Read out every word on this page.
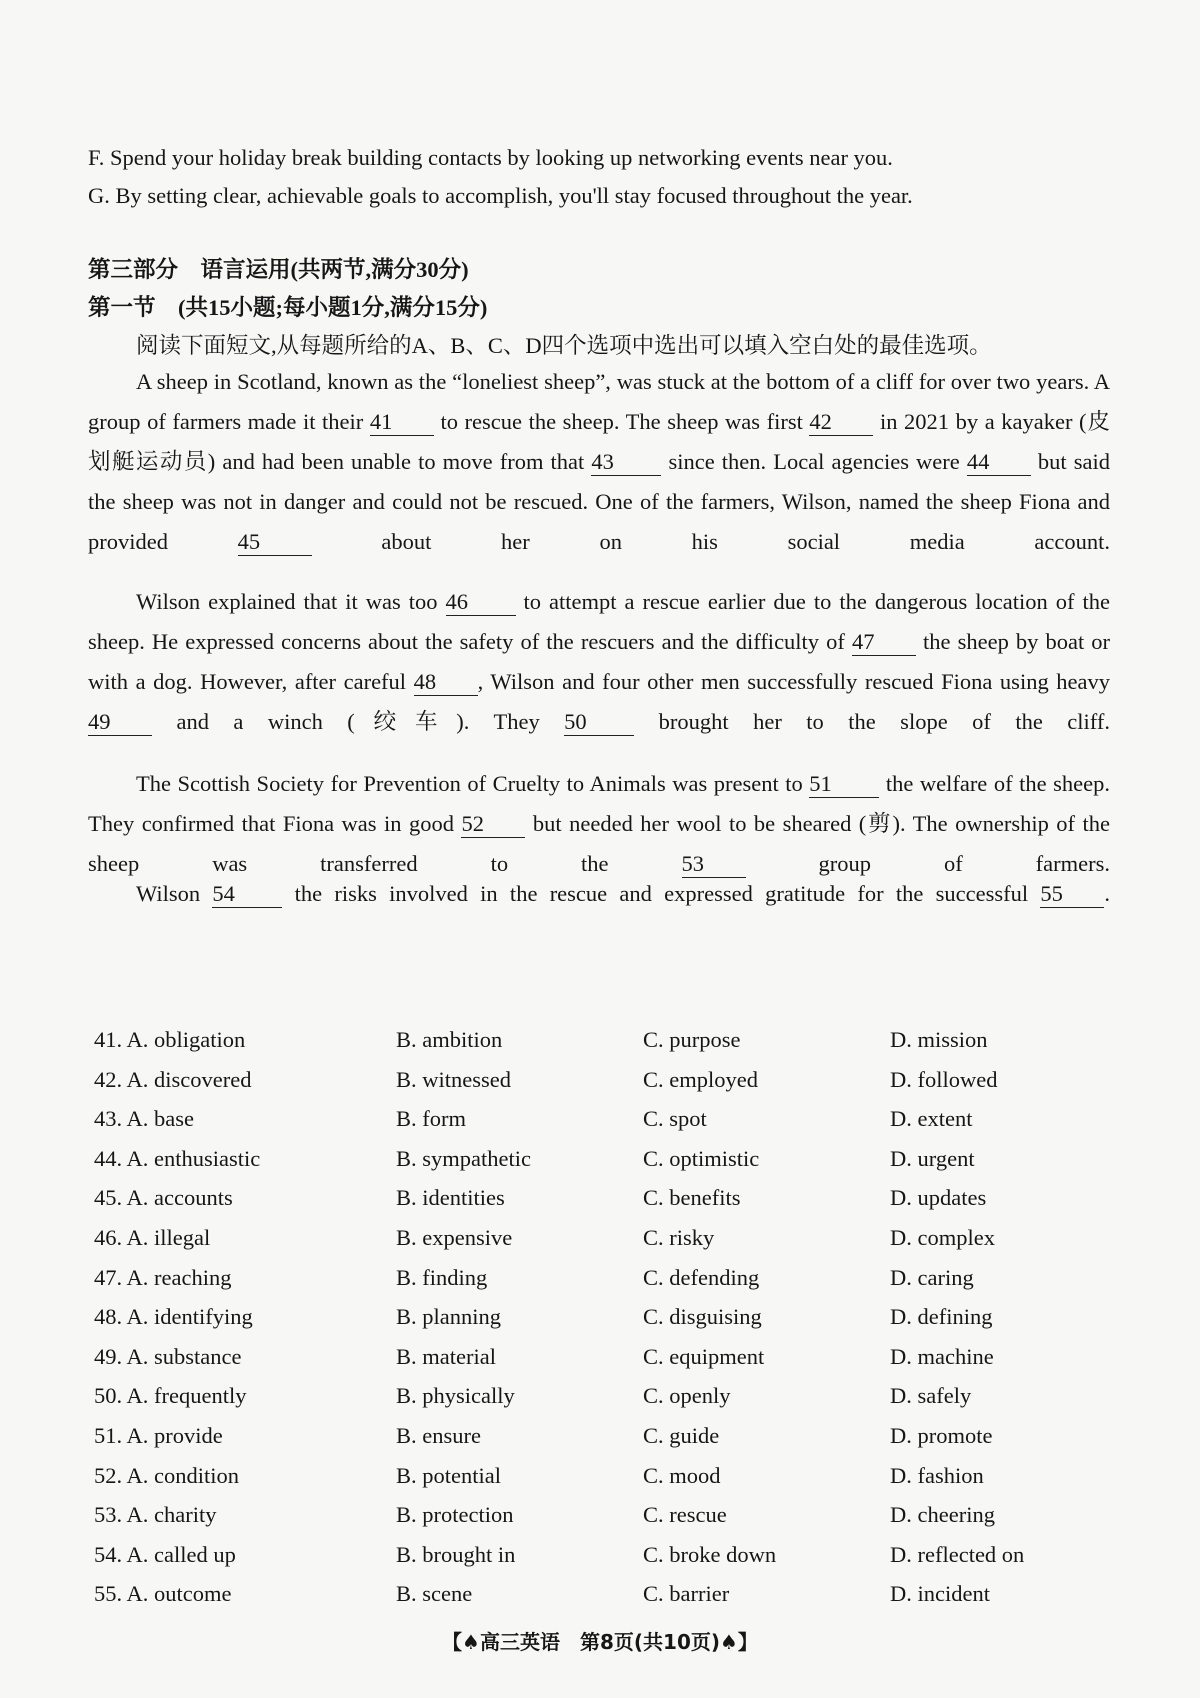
F. Spend your holiday break building contacts by looking up networking events near you.
G. By setting clear, achievable goals to accomplish, you'll stay focused throughout the year.
第三部分　语言运用(共两节,满分30分)
第一节　(共15小题;每小题1分,满分15分)
阅读下面短文,从每题所给的A、B、C、D四个选项中选出可以填入空白处的最佳选项。
A sheep in Scotland, known as the “loneliest sheep”, was stuck at the bottom of a cliff for over two years. A group of farmers made it their 41 to rescue the sheep. The sheep was first 42 in 2021 by a kayaker (皮划艇运动员) and had been unable to move from that 43 since then. Local agencies were 44 but said the sheep was not in danger and could not be rescued. One of the farmers, Wilson, named the sheep Fiona and provided 45 about her on his social media account.
Wilson explained that it was too 46 to attempt a rescue earlier due to the dangerous location of the sheep. He expressed concerns about the safety of the rescuers and the difficulty of 47 the sheep by boat or with a dog. However, after careful 48 , Wilson and four other men successfully rescued Fiona using heavy 49 and a winch (绞车). They 50 brought her to the slope of the cliff.
The Scottish Society for Prevention of Cruelty to Animals was present to 51 the welfare of the sheep. They confirmed that Fiona was in good 52 but needed her wool to be sheared (剪). The ownership of the sheep was transferred to the 53 group of farmers.
Wilson 54 the risks involved in the rescue and expressed gratitude for the successful 55 .
41. A. obligation	B. ambition	C. purpose	D. mission
42. A. discovered	B. witnessed	C. employed	D. followed
43. A. base	B. form	C. spot	D. extent
44. A. enthusiastic	B. sympathetic	C. optimistic	D. urgent
45. A. accounts	B. identities	C. benefits	D. updates
46. A. illegal	B. expensive	C. risky	D. complex
47. A. reaching	B. finding	C. defending	D. caring
48. A. identifying	B. planning	C. disguising	D. defining
49. A. substance	B. material	C. equipment	D. machine
50. A. frequently	B. physically	C. openly	D. safely
51. A. provide	B. ensure	C. guide	D. promote
52. A. condition	B. potential	C. mood	D. fashion
53. A. charity	B. protection	C. rescue	D. cheering
54. A. called up	B. brought in	C. broke down	D. reflected on
55. A. outcome	B. scene	C. barrier	D. incident
【♠高三英语　第8页(共10页)♠】
